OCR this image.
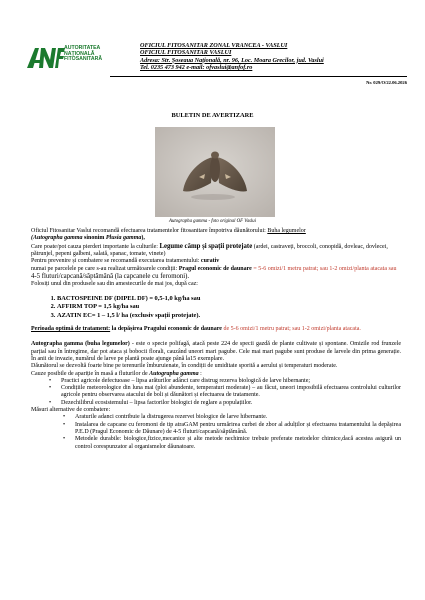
AUTORITATEA
NAȚIONALĂ
FITOSANITARĂ
OFICIUL FITOSANITAR ZONAL VRANCEA - VASLUI
OFICIUL FITOSANITAR VASLUI
Adresa: Str. Șoseaua Națională, nr. 96, Loc. Moara Grecilor, jud. Vaslui
Tel. 0235 473 942 e-mail: ofvaslui@anfof.ro
Nr. 029/O/22.06.2026
BULETIN DE AVERTIZARE
Autographa gamma - foto original OF Vaslui

Oficiul Fitosanitar Vaslui recomandă efectuarea tratamentelor fitosanitare împotriva dăunătorului: Buha legumelor
(Autographa gamma sinonim Plusia gamma),

Care poate/pot cauza pierderi importante la culturile: Legume câmp și spații protejate (ardei, castraveți, broccoli, conopidă, dovleac, dovlecei, pătrunjel, pepeni galbeni, salată, spanac, tomate, vinete)

Pentru prevenire și combatere se recomandă executarea tratamentului: curativ

numai pe parcelele pe care s-au realizat următoarele condiții: Pragul economic de daunare = 5-6 omizi/1 metru patrat; sau 1-2 omizi/planta atacata sau 4-5 fluturi/capcană/săptămână (la capcanele cu feromoni).

Folosiți unul din produsele sau din amestecurile de mai jos, după caz:

1. BACTOSPEINE DF (DIPEL DF) = 0,5-1,0 kg/ha sau
2. AFFIRM TOP = 1,5 kg/ha sau
3. AZATIN EC= 1 – 1,5 l/ ha (exclusiv spații protejate).

Perioada optimă de tratament: la depășirea Pragului economic de daunare de 5-6 omizi/1 metru patrat; sau 1-2 omizi/planta atacata.

Autographa gamma (buha legumelor) - este o specie polifagă, atacă peste 224 de specii gazdă de plante cultivate și spontane. Omizile rod frunzele parțial sau în întregime, dar pot ataca și bobocii florali, cauzând uneori mari pagube. Cele mai mari pagube sunt produse de larvele din prima generație. În anii de invazie, numărul de larve pe plantă poate ajunge până la15 exemplare.

Dăunătorul se dezvoltă foarte bine pe terenurile îmburuienate, în condiții de umiditate sporită a aerului și temperaturi moderate.

Cauze posibile de apariție în masă a fluturilor de Autographa gamma :

• Practici agricole defectuoase – lipsa arăturilor adânci care distrug rezerva biologică de larve hibernante;
• Condițiile meteorologice din luna mai (ploi abundente, temperaturi moderate) – au făcut, uneori imposibilă efectuarea controlului culturilor agricole pentru observarea atacului de boli și dăunători și efectuarea de tratamente.
• Dezechilibrul ecosistemului – lipsa factorilor biologici de reglare a populațiilor.

Măsuri alternative de combatere:

• Araturile adanci contribuie la distrugerea rezervei biologice de larve hibernante.
• Instalarea de capcane cu feromoni de tip atraGAM pentru urmărirea curbei de zbor al adulților și efectuarea tratamentului la depășirea P.E.D (Pragul Economic de Dăunare) de 4-5 fluturi/capcană/săptămână.
• Metodele durabile: biologice,fizice,mecanice și alte metode nechimice trebuie preferate metodelor chimice,dacă acestea asigură un control corespunzator al organismelor dăunatoare.
